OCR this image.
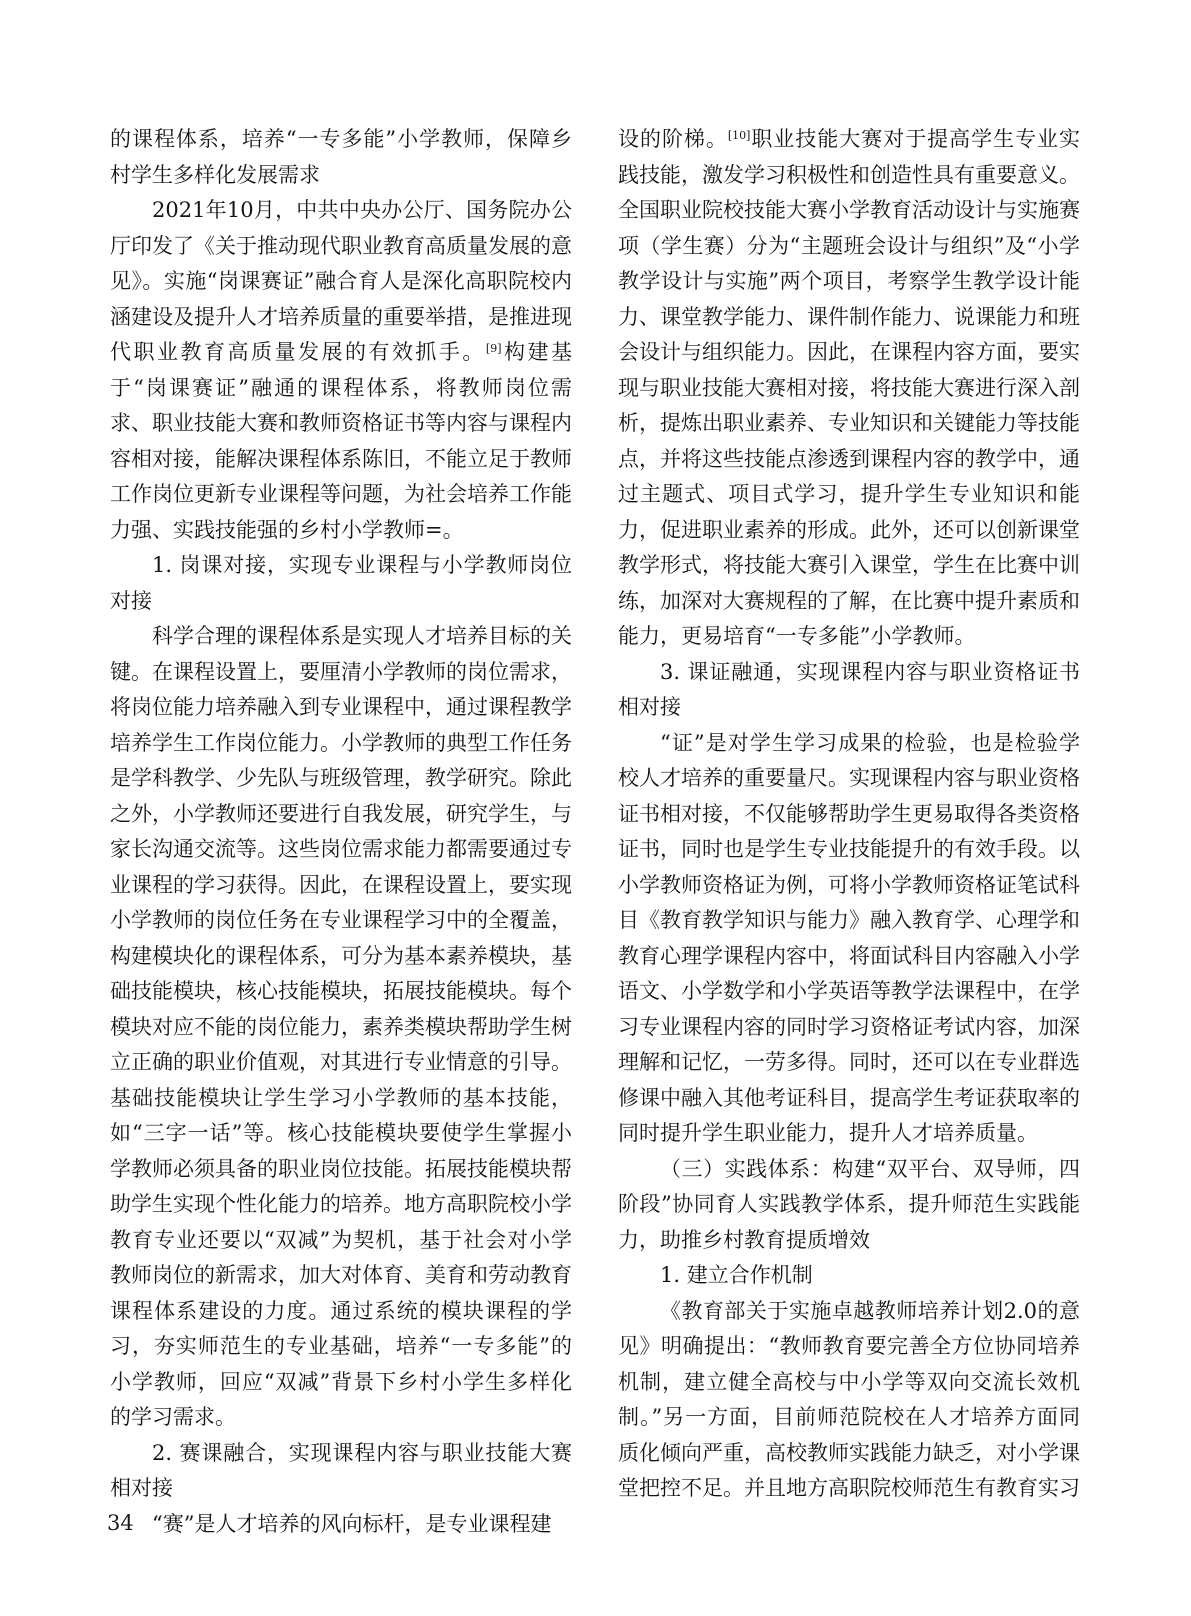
的课程体系，培养“一专多能”小学教师，保障乡村学生多样化发展需求
2021年10月，中共中央办公厅、国务院办公厅印发了《关于推动现代职业教育高质量发展的意见》。实施“岗课赛证”融合育人是深化高职院校内涵建设及提升人才培养质量的重要举措，是推进现代职业教育高质量发展的有效抓手。[9]构建基于“岗课赛证”融通的课程体系，将教师岗位需求、职业技能大赛和教师资格证书等内容与课程内容相对接，能解决课程体系陈旧，不能立足于教师工作岗位更新专业课程等问题，为社会培养工作能力强、实践技能强的乡村小学教师=。
1. 岗课对接，实现专业课程与小学教师岗位对接
科学合理的课程体系是实现人才培养目标的关键。在课程设置上，要厘清小学教师的岗位需求，将岗位能力培养融入到专业课程中，通过课程教学培养学生工作岗位能力。小学教师的典型工作任务是学科教学、少先队与班级管理，教学研究。除此之外，小学教师还要进行自我发展，研究学生，与家长沟通交流等。这些岗位需求能力都需要通过专业课程的学习获得。因此，在课程设置上，要实现小学教师的岗位任务在专业课程学习中的全覆盖，构建模块化的课程体系，可分为基本素养模块，基础技能模块，核心技能模块，拓展技能模块。每个模块对应不能的岗位能力，素养类模块帮助学生树立正确的职业价值观，对其进行专业情意的引导。基础技能模块让学生学习小学教师的基本技能，如“三字一话”等。核心技能模块要使学生掌握小学教师必须具备的职业岗位技能。拓展技能模块帮助学生实现个性化能力的培养。地方高职院校小学教育专业还要以“双减”为契机，基于社会对小学教师岗位的新需求，加大对体育、美育和劳动教育课程体系建设的力度。通过系统的模块课程的学习，夯实师范生的专业基础，培养“一专多能”的小学教师，回应“双减”背景下乡村小学生多样化的学习需求。
2. 赛课融合，实现课程内容与职业技能大赛相对接
“赛”是人才培养的风向标杆，是专业课程建
设的阶梯。[10]职业技能大赛对于提高学生专业实践技能，激发学习积极性和创造性具有重要意义。全国职业院校技能大赛小学教育活动设计与实施赛项（学生赛）分为“主题班会设计与组织”及“小学教学设计与实施”两个项目，考察学生教学设计能力、课堂教学能力、课件制作能力、说课能力和班会设计与组织能力。因此，在课程内容方面，要实现与职业技能大赛相对接，将技能大赛进行深入剖析，提炼出职业素养、专业知识和关键能力等技能点，并将这些技能点渗透到课程内容的教学中，通过主题式、项目式学习，提升学生专业知识和能力，促进职业素养的形成。此外，还可以创新课堂教学形式，将技能大赛引入课堂，学生在比赛中训练，加深对大赛规程的了解，在比赛中提升素质和能力，更易培育“一专多能”小学教师。
3. 课证融通，实现课程内容与职业资格证书相对接
“证”是对学生学习成果的检验，也是检验学校人才培养的重要量尺。实现课程内容与职业资格证书相对接，不仅能够帮助学生更易取得各类资格证书，同时也是学生专业技能提升的有效手段。以小学教师资格证为例，可将小学教师资格证笔试科目《教育教学知识与能力》融入教育学、心理学和教育心理学课程内容中，将面试科目内容融入小学语文、小学数学和小学英语等教学法课程中，在学习专业课程内容的同时学习资格证考试内容，加深理解和记忆，一劳多得。同时，还可以在专业群选修课中融入其他考证科目，提高学生考证获取率的同时提升学生职业能力，提升人才培养质量。
（三）实践体系：构建“双平台、双导师，四阶段”协同育人实践教学体系，提升师范生实践能力，助推乡村教育提质增效
1. 建立合作机制
《教育部关于实施卓越教师培养计划2.0的意见》明确提出：“教师教育要完善全方位协同培养机制，建立健全高校与中小学等双向交流长效机制。”另一方面，目前师范院校在人才培养方面同质化倾向严重，高校教师实践能力缺乏，对小学课堂把控不足。并且地方高职院校师范生有教育实习
34
